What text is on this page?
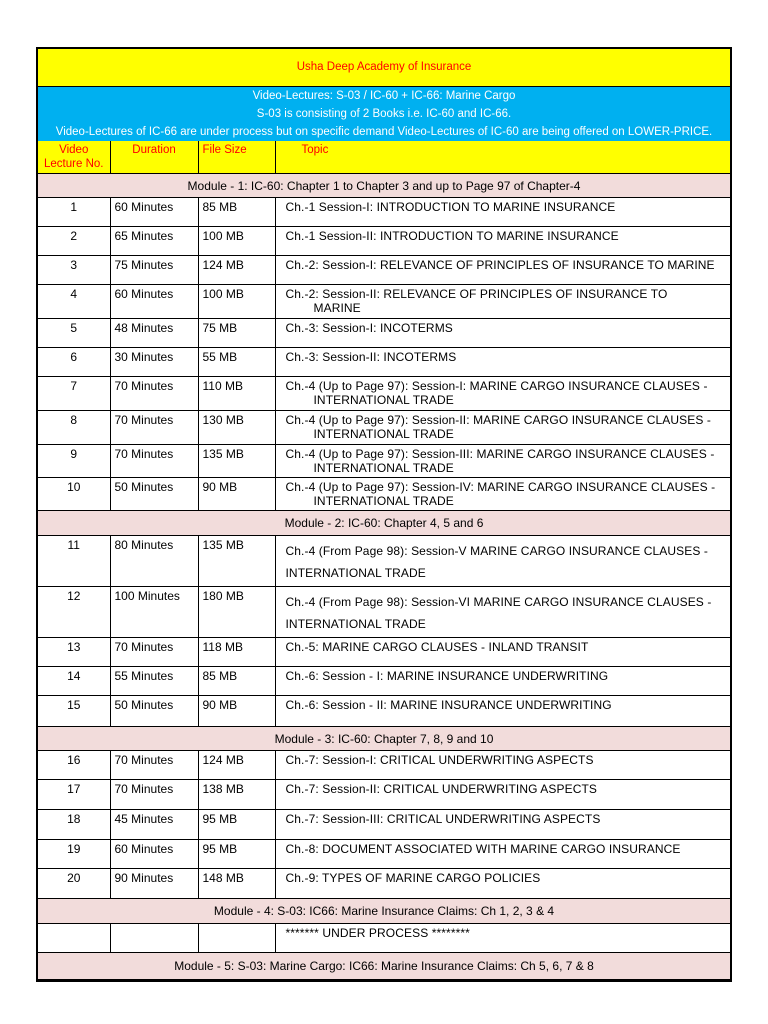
Usha Deep Academy of Insurance
Video-Lectures: S-03 / IC-60 + IC-66: Marine Cargo
S-03 is consisting of 2 Books i.e. IC-60 and IC-66.
Video-Lectures of IC-66 are under process but on specific demand Video-Lectures of IC-60 are being offered on LOWER-PRICE.
Video Lecture No.	Duration	File Size	Topic
Module - 1: IC-60: Chapter 1 to Chapter 3 and up to Page 97 of Chapter-4			
1	60 Minutes	85 MB	Ch.-1 Session-I: INTRODUCTION TO MARINE INSURANCE

2	65 Minutes	100 MB	Ch.-1 Session-II: INTRODUCTION TO MARINE INSURANCE

3	75 Minutes	124 MB	Ch.-2: Session-I: RELEVANCE OF PRINCIPLES OF INSURANCE TO MARINE

4	60 Minutes	100 MB	Ch.-2: Session-II: RELEVANCE OF PRINCIPLES OF INSURANCE TO
MARINE

5	48 Minutes	75 MB	Ch.-3: Session-I: INCOTERMS

6	30 Minutes	55 MB	Ch.-3: Session-II: INCOTERMS

7	70 Minutes	110 MB	Ch.-4 (Up to Page 97): Session-I: MARINE CARGO INSURANCE CLAUSES -
INTERNATIONAL TRADE

8	70 Minutes	130 MB	Ch.-4 (Up to Page 97): Session-II: MARINE CARGO INSURANCE CLAUSES -
INTERNATIONAL TRADE

9	70 Minutes	135 MB	Ch.-4 (Up to Page 97): Session-III: MARINE CARGO INSURANCE CLAUSES -
INTERNATIONAL TRADE

10	50 Minutes	90 MB	Ch.-4 (Up to Page 97): Session-IV: MARINE CARGO INSURANCE CLAUSES -
INTERNATIONAL TRADE

Module - 2: IC-60: Chapter 4, 5 and 6			
11	80 Minutes	135 MB	Ch.-4 (From Page 98): Session-V MARINE CARGO INSURANCE CLAUSES -
INTERNATIONAL TRADE

12	100 Minutes	180 MB	Ch.-4 (From Page 98): Session-VI MARINE CARGO INSURANCE CLAUSES -
INTERNATIONAL TRADE

13	70 Minutes	118 MB	Ch.-5: MARINE CARGO CLAUSES - INLAND TRANSIT

14	55 Minutes	85 MB	Ch.-6: Session - I: MARINE INSURANCE UNDERWRITING

15	50 Minutes	90 MB	Ch.-6: Session - II: MARINE INSURANCE UNDERWRITING

Module - 3: IC-60: Chapter 7, 8, 9 and 10			
16	70 Minutes	124 MB	Ch.-7: Session-I: CRITICAL UNDERWRITING ASPECTS

17	70 Minutes	138 MB	Ch.-7: Session-II: CRITICAL UNDERWRITING ASPECTS

18	45 Minutes	95 MB	Ch.-7: Session-III: CRITICAL UNDERWRITING ASPECTS

19	60 Minutes	95 MB	Ch.-8: DOCUMENT ASSOCIATED WITH MARINE CARGO INSURANCE

20	90 Minutes	148 MB	Ch.-9: TYPES OF MARINE CARGO POLICIES

Module - 4: S-03: IC66: Marine Insurance Claims: Ch 1, 2, 3 & 4			
			******* UNDER PROCESS ********

Module - 5: S-03: Marine Cargo: IC66: Marine Insurance Claims: Ch 5, 6, 7 & 8			
